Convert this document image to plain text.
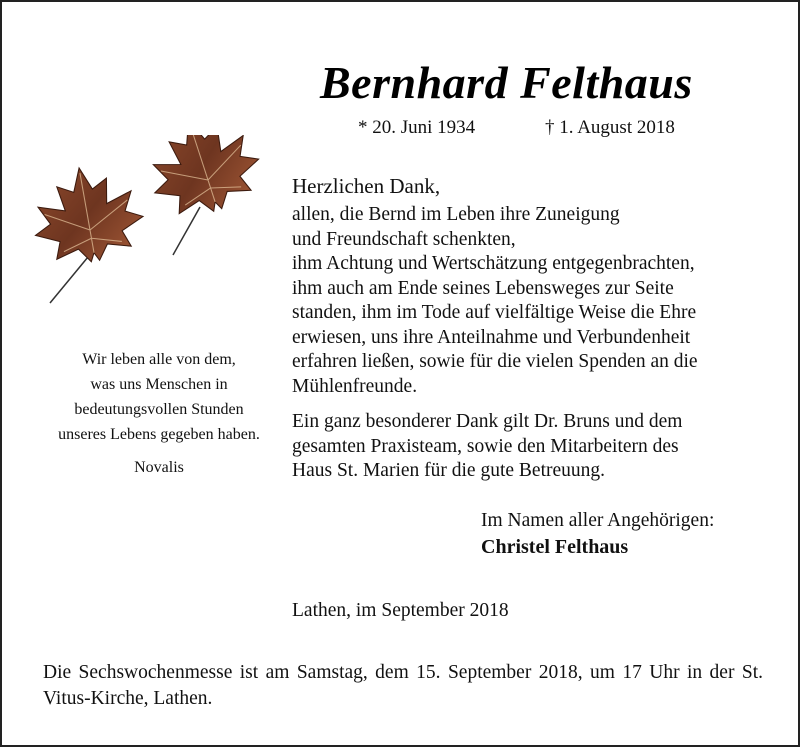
Bernhard Felthaus
* 20. Juni 1934	† 1. August 2018
Wir leben alle von dem,
was uns Menschen in
bedeutungsvollen Stunden
unseres Lebens gegeben haben.
Novalis
Herzlichen Dank,
allen, die Bernd im Leben ihre Zuneigung
und Freundschaft schenkten,
ihm Achtung und Wertschätzung entgegenbrachten,
ihm auch am Ende seines Lebensweges zur Seite
standen, ihm im Tode auf vielfältige Weise die Ehre
erwiesen, uns ihre Anteilnahme und Verbundenheit
erfahren ließen, sowie für die vielen Spenden an die
Mühlenfreunde.
Ein ganz besonderer Dank gilt Dr. Bruns und dem
gesamten Praxisteam, sowie den Mitarbeitern des
Haus St. Marien für die gute Betreuung.
Im Namen aller Angehörigen:
Christel Felthaus
Lathen, im September 2018
Die Sechswochenmesse ist am Samstag, dem 15. September 2018, um 17 Uhr in der St. Vitus-Kirche, Lathen.
